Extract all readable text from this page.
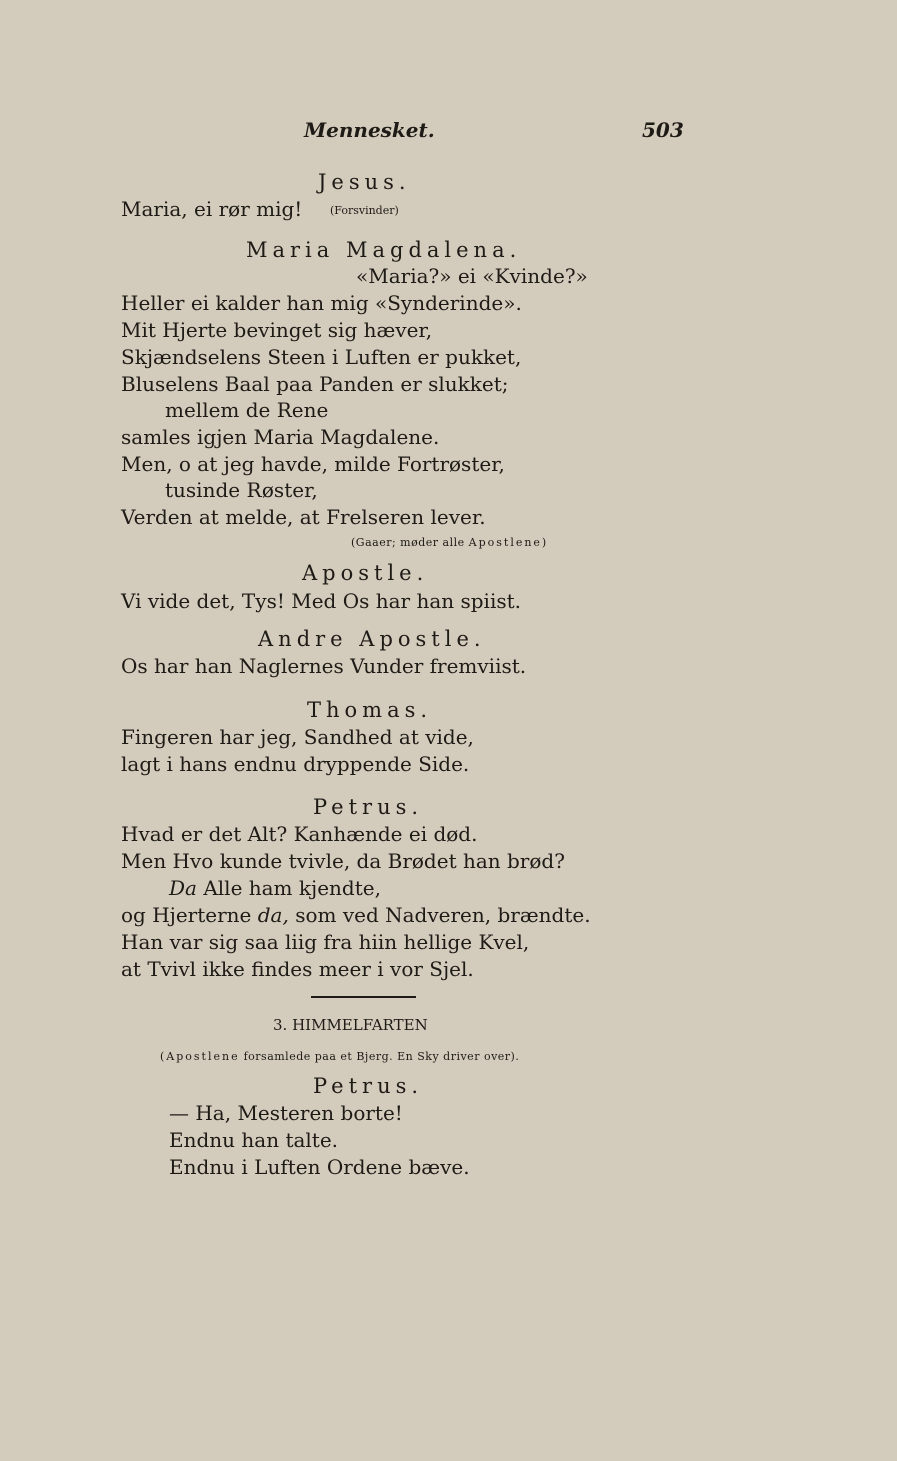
Mennesket.	503
Jesus.
Maria, ei rør mig!	(Forsvinder)
Maria Magdalena.
«Maria?» ei «Kvinde?»
Heller ei kalder han mig «Synderinde».
Mit Hjerte bevinget sig hæver,
Skjændselens Steen i Luften er pukket,
Bluselens Baal paa Panden er slukket;
mellem de Rene
samles igjen Maria Magdalene.
Men, o at jeg havde, milde Fortrøster,
tusinde Røster,
Verden at melde, at Frelseren lever.
(Gaaer; møder alle Apostlene)
Apostle.
Vi vide det, Tys! Med Os har han spiist.
Andre Apostle.
Os har han Naglernes Vunder fremviist.
Thomas.
Fingeren har jeg, Sandhed at vide,
lagt i hans endnu dryppende Side.
Petrus.
Hvad er det Alt? Kanhænde ei død.
Men Hvo kunde tvivle, da Brødet han brød?
Da Alle ham kjendte,
og Hjerterne da, som ved Nadveren, brændte.
Han var sig saa liig fra hiin hellige Kvel,
at Tvivl ikke findes meer i vor Sjel.
3. HIMMELFARTEN
(Apostlene forsamlede paa et Bjerg. En Sky driver over).
Petrus.
— Ha, Mesteren borte!
Endnu han talte.
Endnu i Luften Ordene bæve.
